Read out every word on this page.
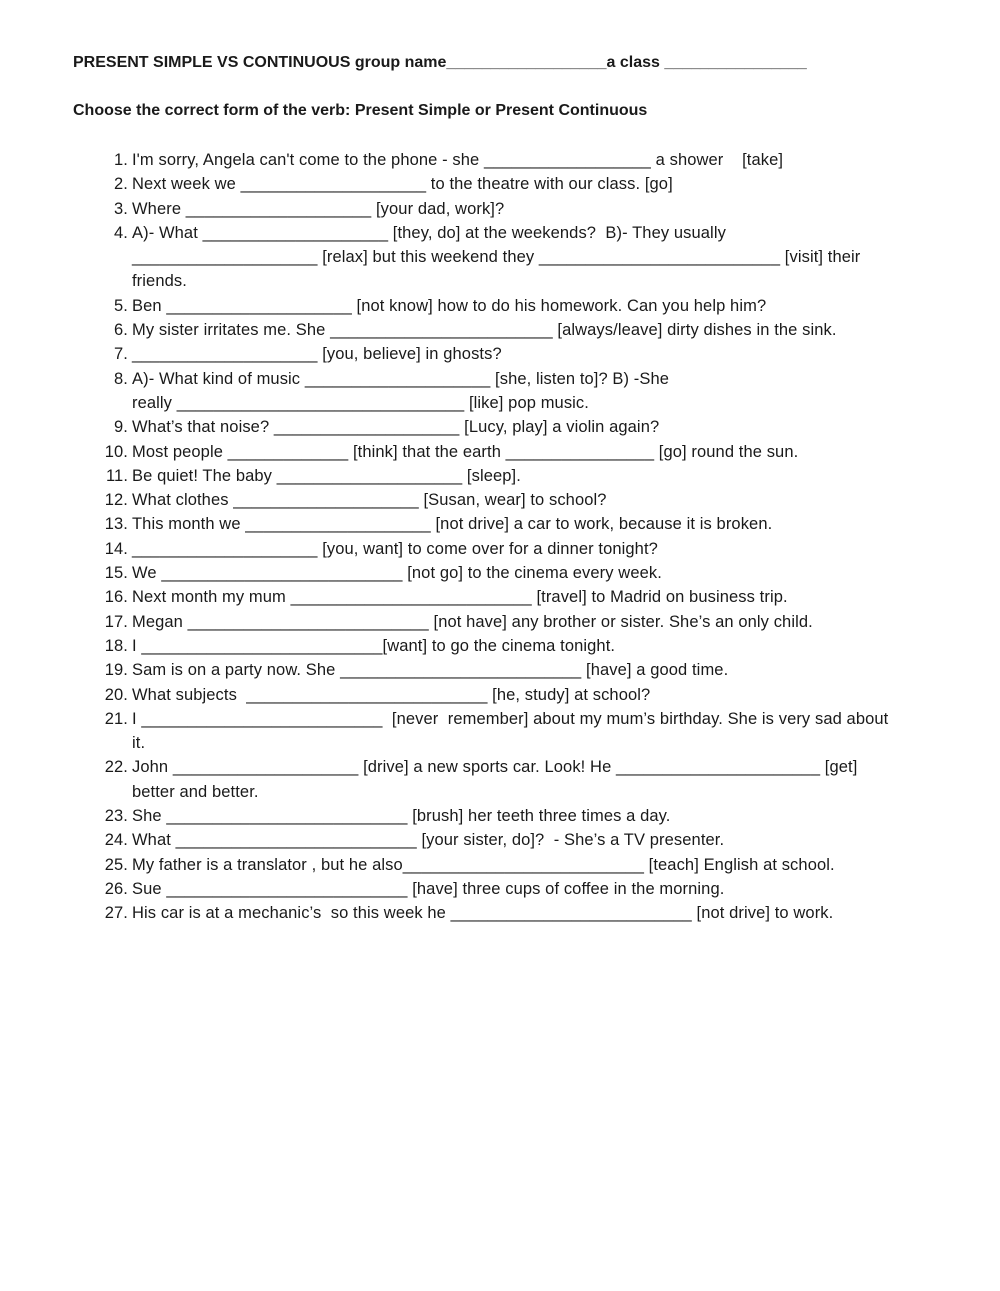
PRESENT SIMPLE VS CONTINUOUS group name__________________a class ________________

Choose the correct form of the verb: Present Simple or Present Continuous

1. I'm sorry, Angela can't come to the phone - she __________________ a shower    [take]
2. Next week we ____________________ to the theatre with our class. [go]
3. Where ____________________ [your dad, work]?
4. A)- What ____________________ [they, do] at the weekends?  B)- They usually
____________________ [relax] but this weekend they __________________________ [visit] their
friends.
5. Ben ____________________ [not know] how to do his homework. Can you help him?
6. My sister irritates me. She ________________________ [always/leave] dirty dishes in the sink.
7. ____________________ [you, believe] in ghosts?
8. A)- What kind of music ____________________ [she, listen to]? B) -She
really _______________________________ [like] pop music.
9. What’s that noise? ____________________ [Lucy, play] a violin again?
10. Most people _____________ [think] that the earth ________________ [go] round the sun.
11. Be quiet! The baby ____________________ [sleep].
12. What clothes ____________________ [Susan, wear] to school?
13. This month we ____________________ [not drive] a car to work, because it is broken.
14. ____________________ [you, want] to come over for a dinner tonight?
15. We __________________________ [not go] to the cinema every week.
16. Next month my mum __________________________ [travel] to Madrid on business trip.
17. Megan __________________________ [not have] any brother or sister. She’s an only child.
18. I __________________________[want] to go the cinema tonight.
19. Sam is on a party now. She __________________________ [have] a good time.
20. What subjects  __________________________ [he, study] at school?
21. I __________________________  [never  remember] about my mum’s birthday. She is very sad about
it.
22. John ____________________ [drive] a new sports car. Look! He ______________________ [get]
better and better.
23. She __________________________ [brush] her teeth three times a day.
24. What __________________________ [your sister, do]?  - She’s a TV presenter.
25. My father is a translator , but he also__________________________ [teach] English at school.
26. Sue __________________________ [have] three cups of coffee in the morning.
27. His car is at a mechanic’s  so this week he __________________________ [not drive] to work.
